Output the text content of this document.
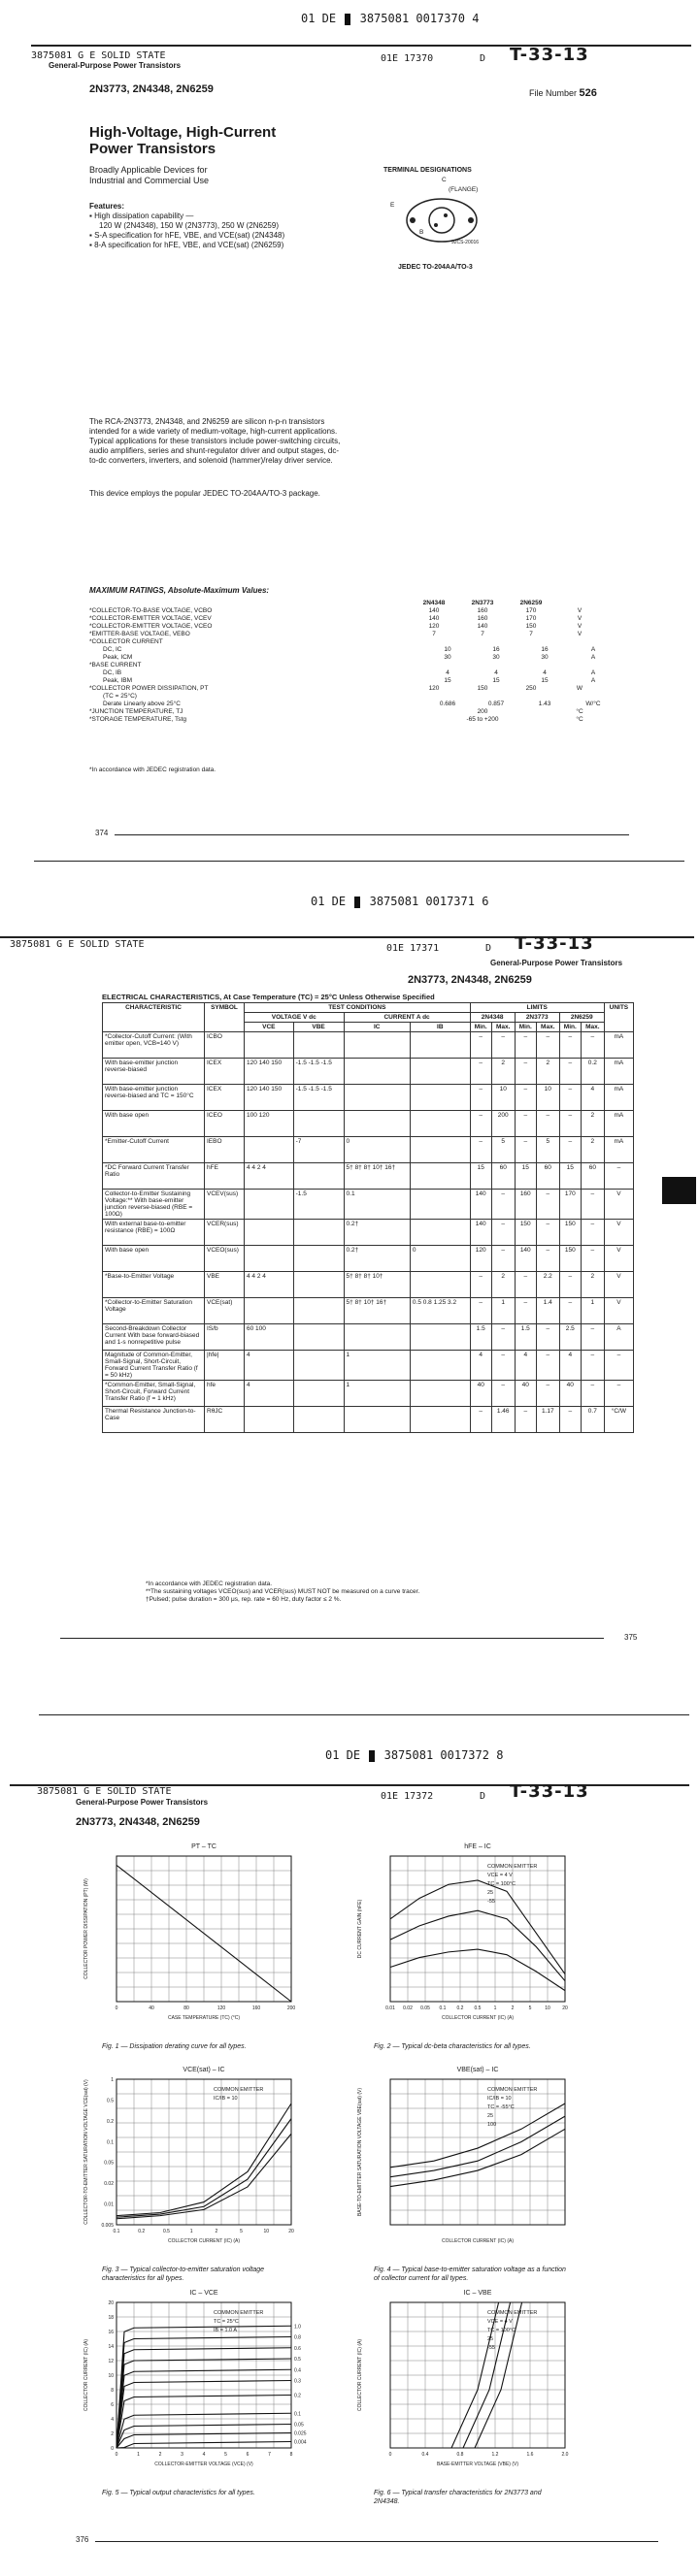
01 DE 3875081 0017370 4
3875081 G E SOLID STATE
General-Purpose Power Transistors
01E 17370	D T-33-13
2N3773, 2N4348, 2N6259	File Number 526
High-Voltage, High-Current
Power Transistors
Broadly Applicable Devices for
Industrial and Commercial Use
Features:
▪ High dissipation capability —
120 W (2N4348), 150 W (2N3773), 250 W (2N6259)
▪ S-A specification for hFE, VBE, and VCE(sat) (2N4348)
▪ 8-A specification for hFE, VBE, and VCE(sat) (2N6259)
TERMINAL DESIGNATIONS
C
(FLANGE)
E
B
92CS-20016
JEDEC TO-204AA/TO-3
The RCA-2N3773, 2N4348, and 2N6259 are silicon n-p-n transistors intended for a wide variety of medium-voltage, high-current applications. Typical applications for these transistors include power-switching circuits, audio amplifiers, series and shunt-regulator driver and output stages, dc-to-dc converters, inverters, and solenoid (hammer)/relay driver service.
This device employs the popular JEDEC TO-204AA/TO-3 package.
MAXIMUM RATINGS, Absolute-Maximum Values:
2N4348	2N3773	2N6259
*COLLECTOR-TO-BASE VOLTAGE, VCBO	140	160	170	V
*COLLECTOR-EMITTER VOLTAGE, VCEV	140	160	170	V
*COLLECTOR-EMITTER VOLTAGE, VCEO	120	140	150	V
*EMITTER-BASE VOLTAGE, VEBO	7	7	7	V
*COLLECTOR CURRENT
DC, IC	10	16	16	A
Peak, ICM	30	30	30	A
*BASE CURRENT
DC, IB	4	4	4	A
Peak, IBM	15	15	15	A
*COLLECTOR POWER DISSIPATION, PT	120	150	250	W
(TC = 25°C)
Derate Linearly above 25°C	0.686	0.857	1.43	W/°C
*JUNCTION TEMPERATURE, TJ	200	°C
*STORAGE TEMPERATURE, Tstg	-65 to +200	°C
*In accordance with JEDEC registration data.
374
01 DE 3875081 0017371 6
3875081 G E SOLID STATE	01E 17371	D T-33-13
General-Purpose Power Transistors
2N3773, 2N4348, 2N6259
ELECTRICAL CHARACTERISTICS, At Case Temperature (TC) = 25°C Unless Otherwise Specified
CHARACTERISTIC	SYMBOL	TEST CONDITIONS				LIMITS						UNITS
		VOLTAGE V dc		CURRENT A dc		2N4348		2N3773		2N6259		
		VCE	VBE	IC	IB	Min.	Max.	Min.	Max.	Min.	Max.	
*Collector-Cutoff Current: (With emitter open, VCB=140 V)	ICBO					–	–	–	–	–	–	mA
With base-emitter junction reverse-biased	ICEX	120 140 150	-1.5 -1.5 -1.5			–	2	–	2	–	0.2	mA
With base-emitter junction reverse-biased and TC = 150°C	ICEX	120 140 150	-1.5 -1.5 -1.5			–	10	–	10	–	4	mA
With base open	ICEO	100 120				–	200	–	–	–	2	mA
*Emitter-Cutoff Current	IEBO		-7	0		–	5	–	5	–	2	mA
*DC Forward Current Transfer Ratio	hFE	4 4 2 4		5† 8† 8† 10† 16†		15	60	15	60	15	60	–
Collector-to-Emitter Sustaining Voltage:** With base-emitter junction reverse-biased (RBE = 100Ω)	VCEV(sus)		-1.5	0.1		140	–	160	–	170	–	V
With external base-to-emitter resistance (RBE) = 100Ω	VCER(sus)			0.2†		140	–	150	–	150	–	V
With base open	VCEO(sus)			0.2†	0	120	–	140	–	150	–	V
*Base-to-Emitter Voltage	VBE	4 4 2 4		5† 8† 8† 10†		–	2	–	2.2	–	2	V
*Collector-to-Emitter Saturation Voltage	VCE(sat)			5† 8† 10† 16†	0.5 0.8 1.25 3.2	–	1	–	1.4	–	1	V
Second-Breakdown Collector Current With base forward-biased and 1-s nonrepetitive pulse	IS/b	60 100				1.5	–	1.5	–	2.5	–	A
Magnitude of Common-Emitter, Small-Signal, Short-Circuit, Forward Current Transfer Ratio (f = 50 kHz)	|hfe|	4		1		4	–	4	–	4	–	–
*Common-Emitter, Small-Signal, Short-Circuit, Forward Current Transfer Ratio (f = 1 kHz)	hfe	4		1		40	–	40	–	40	–	–
Thermal Resistance Junction-to-Case	RθJC					–	1.46	–	1.17	–	0.7	°C/W
*In accordance with JEDEC registration data.
**The sustaining voltages VCEO(sus) and VCER(sus) MUST NOT be measured on a curve tracer.
†Pulsed; pulse duration = 300 μs, rep. rate = 60 Hz, duty factor ≤ 2 %.
375
01 DE 3875081 0017372 8
3875081 G E SOLID STATE
General-Purpose Power Transistors
01E 17372	D T-33-13
2N3773, 2N4348, 2N6259
PT – TC
0	40	80	120	160	200
CASE TEMPERATURE (TC) (°C)
COLLECTOR POWER DISSIPATION (PT) (W)
hFE – IC
0.01 0.02 0.05 0.1 0.2 0.5	1	2	5	10 20
COLLECTOR CURRENT (IC) (A)
DC CURRENT GAIN (hFE)
COMMON EMITTER
VCE = 4 V
TC = 100°C
25
-55
VCE(sat) – IC
0.1	0.2	0.5	1	2	5	10	20
0.005
0.01
0.02
0.05
0.1
0.2
0.5
1
COLLECTOR CURRENT (IC) (A)
COLLECTOR-TO-EMITTER SATURATION VOLTAGE VCE(sat) (V)	COMMON EMITTER
IC/IB = 10
VBE(sat) – IC
COLLECTOR CURRENT (IC) (A)
BASE-TO-EMITTER SATURATION VOLTAGE VBE(sat) (V)	COMMON EMITTER
IC/IB = 10
TC = -55°C
25
100
IC – VCE
0	1	2	3	4	5	6	7	8
0
2
4
6
8
10
12
14
16
18
20
COLLECTOR-EMITTER VOLTAGE (VCE) (V)
COLLECTOR CURRENT (IC) (A)
COMMON EMITTER
TC = 25°C
IB = 1.0 A
1.0
0.8
0.6
0.5
0.4
0.3
0.2
0.1
0.05
0.025
0.004
IC – VBE
0	0.4	0.8	1.2	1.6	2.0
BASE-EMITTER VOLTAGE (VBE) (V)
COLLECTOR CURRENT (IC) (A)
COMMON EMITTER
VCE = 4 V
TC = 100°C
25
-55
Fig. 1 — Dissipation derating curve for all types.	Fig. 2 — Typical dc-beta characteristics for all types.
Fig. 3 — Typical collector-to-emitter saturation voltage characteristics for all types.
Fig. 4 — Typical base-to-emitter saturation voltage as a function of collector current for all types.
Fig. 5 — Typical output characteristics for all types.	Fig. 6 — Typical transfer characteristics for 2N3773 and 2N4348.
376
